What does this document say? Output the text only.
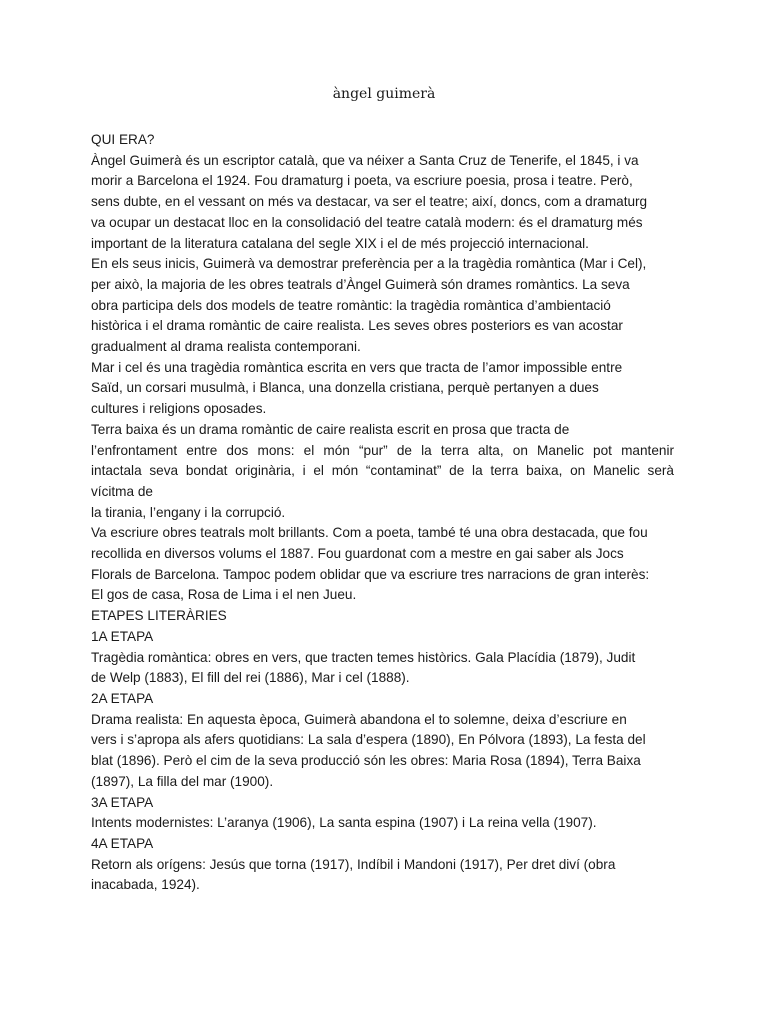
àngel guimerà
QUI ERA?
Àngel Guimerà és un escriptor català, que va néixer a Santa Cruz de Tenerife, el 1845, i va
morir a Barcelona el 1924. Fou dramaturg i poeta, va escriure poesia, prosa i teatre. Però,
sens dubte, en el vessant on més va destacar, va ser el teatre; així, doncs, com a dramaturg
va ocupar un destacat lloc en la consolidació del teatre català modern: és el dramaturg més
important de la literatura catalana del segle XIX i el de més projecció internacional.
En els seus inicis, Guimerà va demostrar preferència per a la tragèdia romàntica (Mar i Cel),
per això, la majoria de les obres teatrals d’Àngel Guimerà són drames romàntics. La seva
obra participa dels dos models de teatre romàntic: la tragèdia romàntica d’ambientació
històrica i el drama romàntic de caire realista. Les seves obres posteriors es van acostar
gradualment al drama realista contemporani.
Mar i cel és una tragèdia romàntica escrita en vers que tracta de l’amor impossible entre
Saïd, un corsari musulmà, i Blanca, una donzella cristiana, perquè pertanyen a dues
cultures i religions oposades.
Terra baixa és un drama romàntic de caire realista escrit en prosa que tracta de
l’enfrontament entre dos mons: el món “pur” de la terra alta, on Manelic pot mantenir
intactala seva bondat originària, i el món “contaminat” de la terra baixa, on Manelic serà
vícitma de
la tirania, l’engany i la corrupció.
Va escriure obres teatrals molt brillants. Com a poeta, també té una obra destacada, que fou
recollida en diversos volums el 1887. Fou guardonat com a mestre en gai saber als Jocs
Florals de Barcelona. Tampoc podem oblidar que va escriure tres narracions de gran interès:
El gos de casa, Rosa de Lima i el nen Jueu.
ETAPES LITERÀRIES
1A ETAPA
Tragèdia romàntica: obres en vers, que tracten temes històrics. Gala Placídia (1879), Judit
de Welp (1883), El fill del rei (1886), Mar i cel (1888).
2A ETAPA
Drama realista: En aquesta època, Guimerà abandona el to solemne, deixa d’escriure en
vers i s’apropa als afers quotidians: La sala d’espera (1890), En Pólvora (1893), La festa del
blat (1896). Però el cim de la seva producció són les obres: Maria Rosa (1894), Terra Baixa
(1897), La filla del mar (1900).
3A ETAPA
Intents modernistes: L’aranya (1906), La santa espina (1907) i La reina vella (1907).
4A ETAPA
Retorn als orígens: Jesús que torna (1917), Indíbil i Mandoni (1917), Per dret diví (obra
inacabada, 1924).
